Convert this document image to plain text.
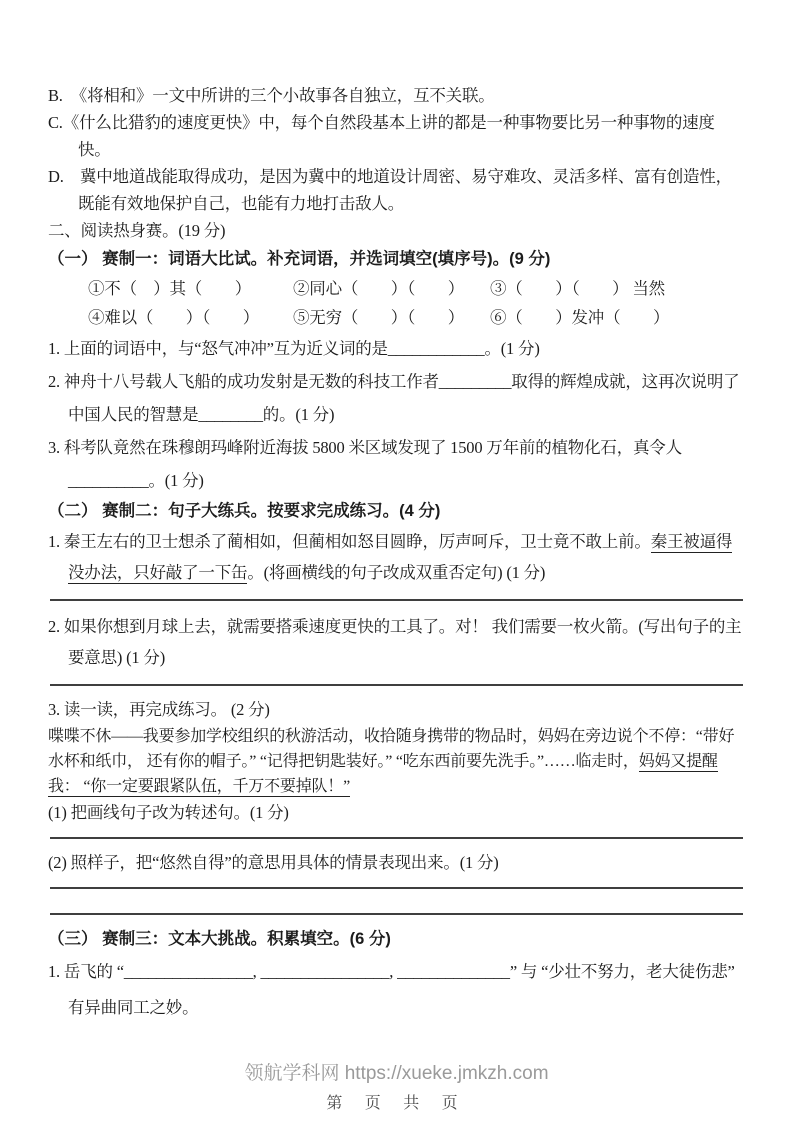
B.　《将相和》一文中所讲的三个小故事各自独立，互不关联。
C.《什么比猎豹的速度更快》中，每个自然段基本上讲的都是一种事物要比另一种事物的速度快。
D.　冀中地道战能取得成功，是因为冀中的地道设计周密、易守难攻、灵活多样、富有创造性，既能有效地保护自己，也能有力地打击敌人。
二、阅读热身赛。(19 分)
（一） 赛制一：词语大比试。补充词语，并选词填空(填序号)。(9 分)
①不（　）其（　　）	②同心（　　）（　　）	③（　　）（　　） 当然
④难以（　　）（　　）	⑤无穷（　　）（　　）	⑥（　　）发冲（　　）
1. 上面的词语中，与“怒气冲冲”互为近义词的是____________。(1 分)
2. 神舟十八号载人飞船的成功发射是无数的科技工作者_________取得的辉煌成就，这再次说明了中国人民的智慧是________的。(1 分)
3. 科考队竟然在珠穆朗玛峰附近海拔 5800 米区域发现了 1500 万年前的植物化石，真令人__________。(1 分)
（二） 赛制二：句子大练兵。按要求完成练习。(4 分)
1. 秦王左右的卫士想杀了蔺相如，但蔺相如怒目圆睁，厉声呵斥，卫士竟不敢上前。秦王被逼得没办法，只好敲了一下缶。(将画横线的句子改成双重否定句) (1 分)
2. 如果你想到月球上去，就需要搭乘速度更快的工具了。对！ 我们需要一枚火箭。(写出句子的主要意思) (1 分)
3. 读一读，再完成练习。 (2 分)
喋喋不休——我要参加学校组织的秋游活动，收拾随身携带的物品时，妈妈在旁边说个不停：“带好水杯和纸巾， 还有你的帽子。” “记得把钥匙装好。” “吃东西前要先洗手。”……临走时，妈妈又提醒我： “你一定要跟紧队伍，千万不要掉队！”
(1) 把画线句子改为转述句。(1 分)
(2) 照样子，把“悠然自得”的意思用具体的情景表现出来。(1 分)
（三） 赛制三：文本大挑战。积累填空。(6 分)
1. 岳飞的 “________________, ________________, ______________” 与 “少壮不努力，老大徒伤悲” 有异曲同工之妙。
领航学科网 https://xueke.jmkzh.com
第 页 共 页
